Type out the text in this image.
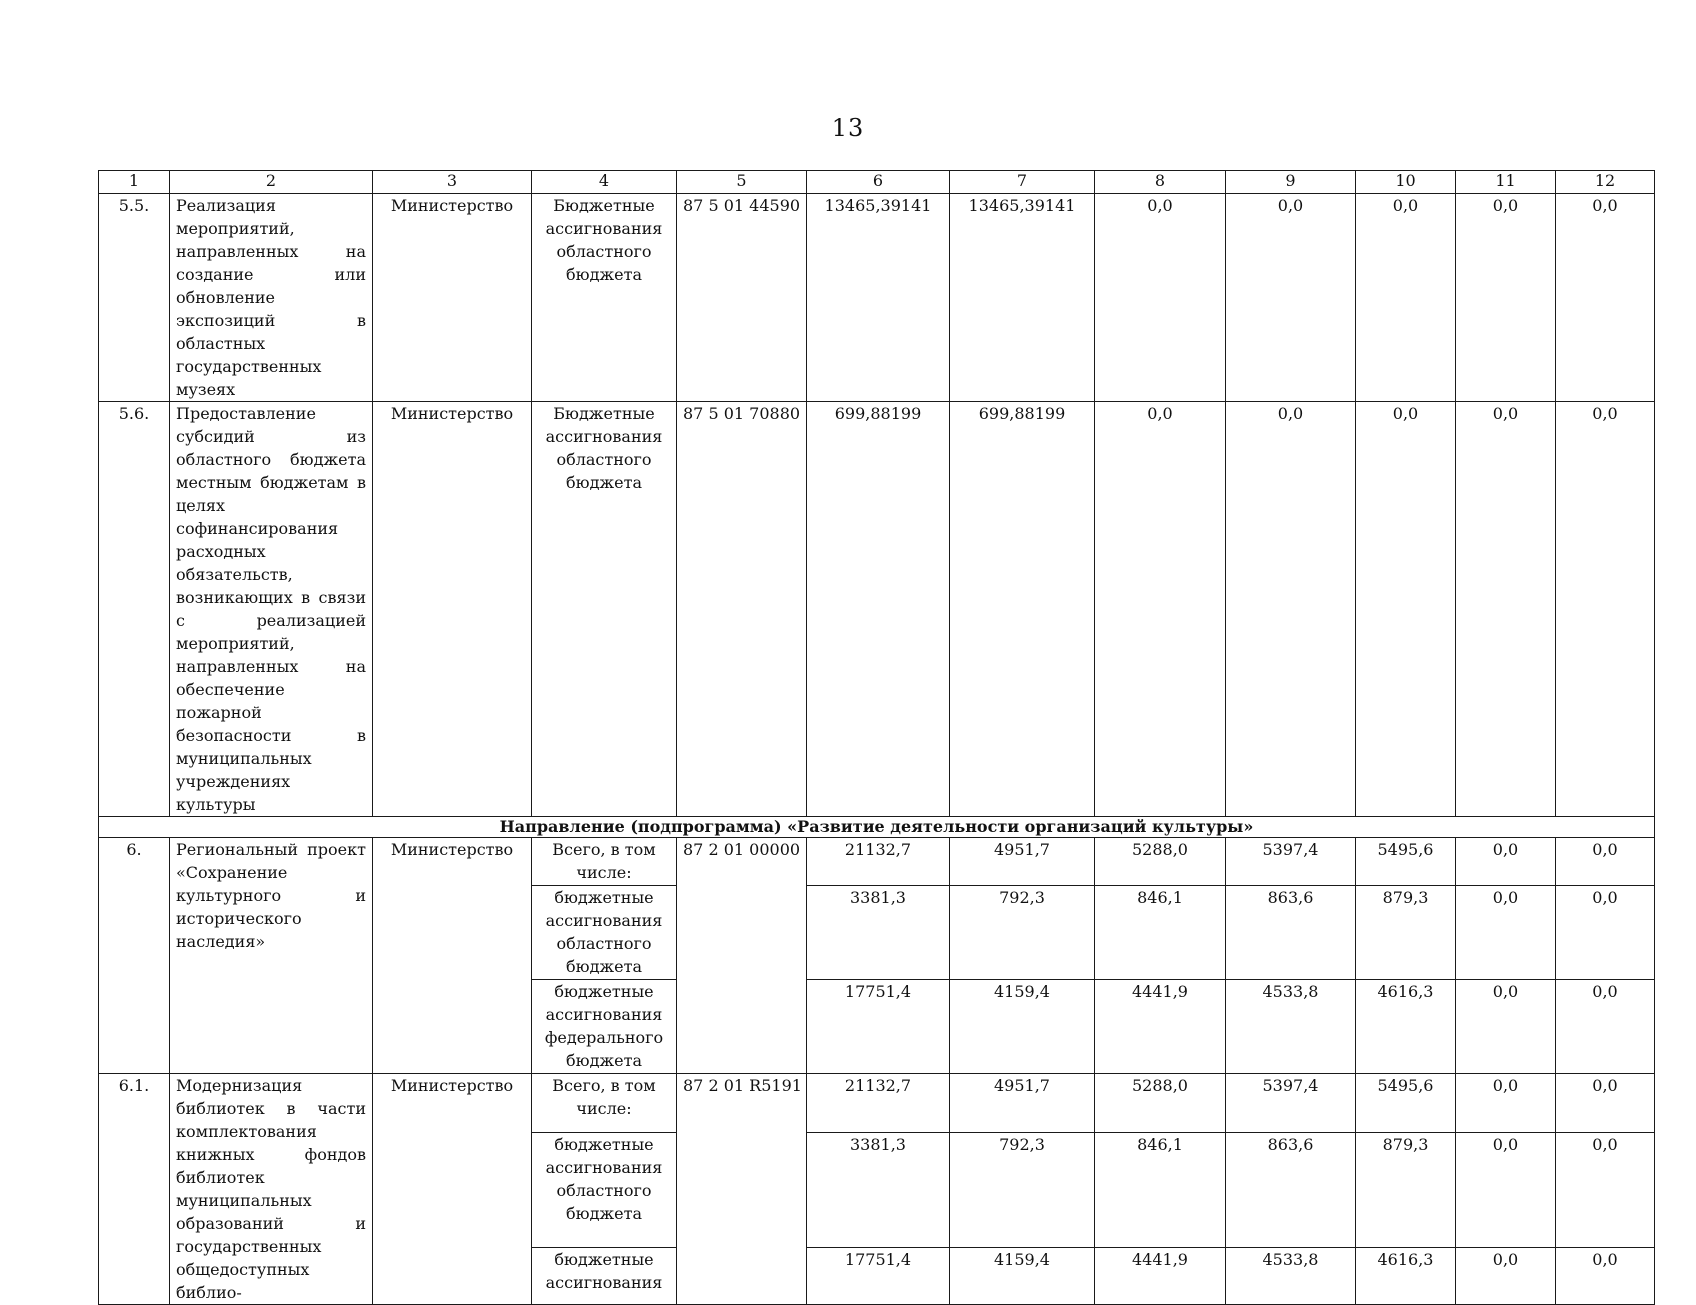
13
1	2	3	4	5	6	7	8	9	10	11	12
5.5.	Реализация мероприятий, направленных на создание или обновление экспозиций в областных государственных музеях	Министерство	Бюджетные ассигнования областного бюджета	87 5 01 44590	13465,39141	13465,39141	0,0	0,0	0,0	0,0	0,0
5.6.	Предоставление субсидий из областного бюджета местным бюджетам в целях софинансирования расходных обязательств, возникающих в связи с реализацией мероприятий, направленных на обеспечение пожарной безопасности в муниципальных учреждениях культуры	Министерство	Бюджетные ассигнования областного бюджета	87 5 01 70880	699,88199	699,88199	0,0	0,0	0,0	0,0	0,0
Направление (подпрограмма) «Развитие деятельности организаций культуры»											
6.	Региональный проект «Сохранение культурного и исторического наследия»	Министерство	Всего, в том числе:	87 2 01 00000	21132,7	4951,7	5288,0	5397,4	5495,6	0,0	0,0
			бюджетные ассигнования областного бюджета		3381,3	792,3	846,1	863,6	879,3	0,0	0,0
			бюджетные ассигнования федерального бюджета		17751,4	4159,4	4441,9	4533,8	4616,3	0,0	0,0
6.1.	Модернизация библиотек в части комплектования книжных фондов библиотек муниципальных образований и государственных общедоступных библио-	Министерство	Всего, в том числе:	87 2 01 R5191	21132,7	4951,7	5288,0	5397,4	5495,6	0,0	0,0
			бюджетные ассигнования областного бюджета		3381,3	792,3	846,1	863,6	879,3	0,0	0,0
			бюджетные ассигнования		17751,4	4159,4	4441,9	4533,8	4616,3	0,0	0,0
